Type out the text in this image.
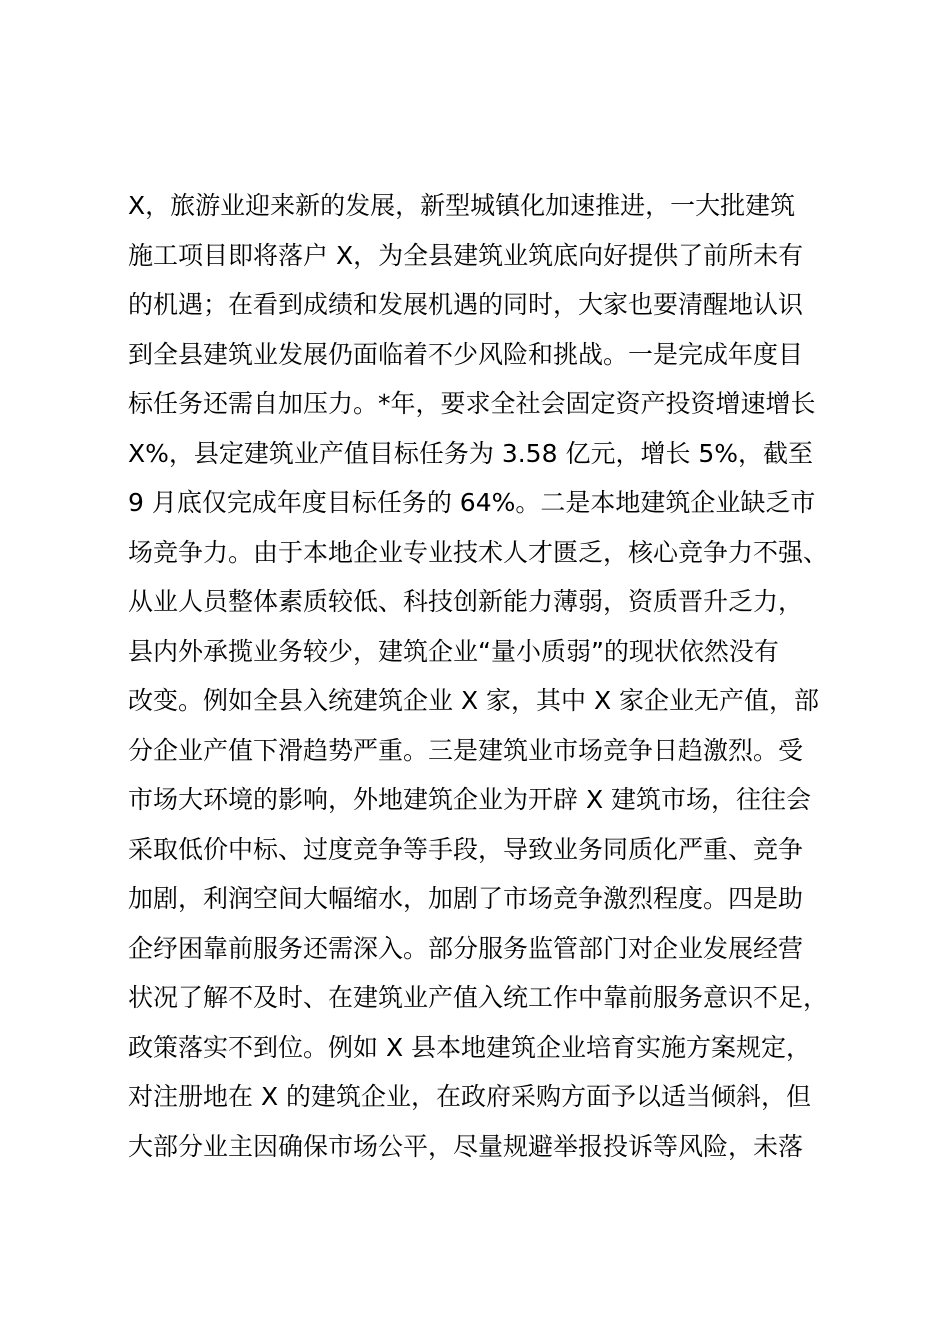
X，旅游业迎来新的发展，新型城镇化加速推进，一大批建筑
施工项目即将落户 X，为全县建筑业筑底向好提供了前所未有
的机遇；在看到成绩和发展机遇的同时，大家也要清醒地认识
到全县建筑业发展仍面临着不少风险和挑战。一是完成年度目
标任务还需自加压力。*年，要求全社会固定资产投资增速增长
X%，县定建筑业产值目标任务为 3.58 亿元，增长 5%，截至
9 月底仅完成年度目标任务的 64%。二是本地建筑企业缺乏市
场竞争力。由于本地企业专业技术人才匮乏，核心竞争力不强、
从业人员整体素质较低、科技创新能力薄弱，资质晋升乏力，
县内外承揽业务较少，建筑企业“量小质弱”的现状依然没有
改变。例如全县入统建筑企业 X 家，其中 X 家企业无产值，部
分企业产值下滑趋势严重。三是建筑业市场竞争日趋激烈。受
市场大环境的影响，外地建筑企业为开辟 X 建筑市场，往往会
采取低价中标、过度竞争等手段，导致业务同质化严重、竞争
加剧，利润空间大幅缩水，加剧了市场竞争激烈程度。四是助
企纾困靠前服务还需深入。部分服务监管部门对企业发展经营
状况了解不及时、在建筑业产值入统工作中靠前服务意识不足，
政策落实不到位。例如 X 县本地建筑企业培育实施方案规定，
对注册地在 X 的建筑企业，在政府采购方面予以适当倾斜，但
大部分业主因确保市场公平，尽量规避举报投诉等风险，未落
